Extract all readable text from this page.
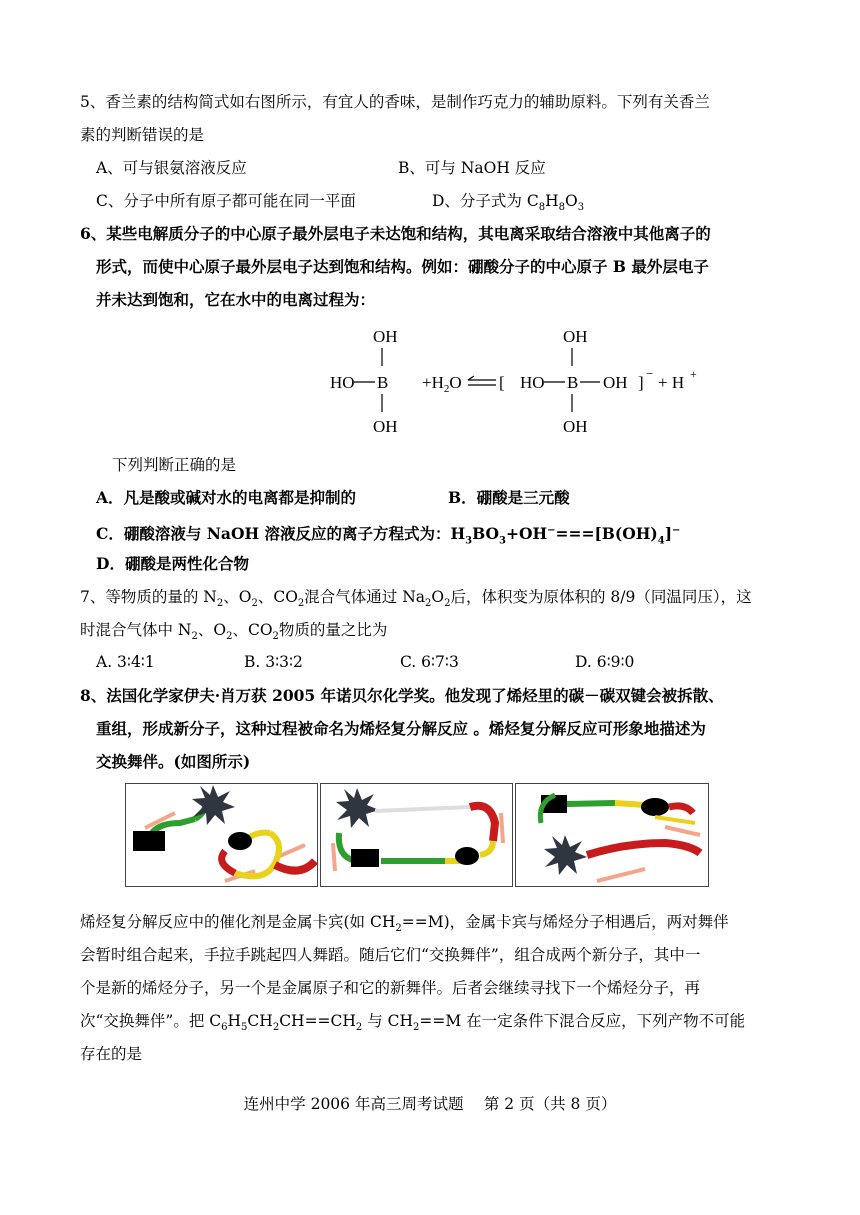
5、香兰素的结构简式如右图所示，有宜人的香味，是制作巧克力的辅助原料。下列有关香兰
素的判断错误的是
A、可与银氨溶液反应	B、可与 NaOH 反应
C、分子中所有原子都可能在同一平面	D、分子式为 $C_8H_8O_3$
6、某些电解质分子的中心原子最外层电子未达饱和结构，其电离采取结合溶液中其他离子的
形式，而使中心原子最外层电子达到饱和结构。例如：硼酸分子的中心原子 B 最外层电子
并未达到饱和，它在水中的电离过程为：
OH
HO B
OH
$+H_2O$ [
OH
HO B OH
OH
] − + H +
下列判断正确的是
A．凡是酸或碱对水的电离都是抑制的	B．硼酸是三元酸
C．硼酸溶液与 NaOH 溶液反应的离子方程式为：$H_3BO_3+OH^-===[B(OH)_4]^-$
D．硼酸是两性化合物
7、等物质的量的 $N_2$、$O_2$、$CO_2$混合气体通过 $Na_2O_2$后，体积变为原体积的 8/9（同温同压），这
时混合气体中 $N_2$、$O_2$、$CO_2$物质的量之比为
A. 3∶4∶1	B. 3∶3∶2	C. 6∶7∶3	D. 6∶9∶0
8、法国化学家伊夫·肖万获 2005 年诺贝尔化学奖。他发现了烯烃里的碳－碳双键会被拆散、
重组，形成新分子，这种过程被命名为烯烃复分解反应 。烯烃复分解反应可形象地描述为
交换舞伴。(如图所示)
烯烃复分解反应中的催化剂是金属卡宾(如 $CH_2==M$)，金属卡宾与烯烃分子相遇后，两对舞伴
会暂时组合起来，手拉手跳起四人舞蹈。随后它们“交换舞伴”，组合成两个新分子，其中一
个是新的烯烃分子，另一个是金属原子和它的新舞伴。后者会继续寻找下一个烯烃分子，再
次“交换舞伴”。把 $C_6H_5CH_2CH==CH_2$ 与 $CH_2==M$ 在一定条件下混合反应，下列产物不可能
存在的是
连州中学 2006 年高三周考试题　 第 2 页（共 8 页）
